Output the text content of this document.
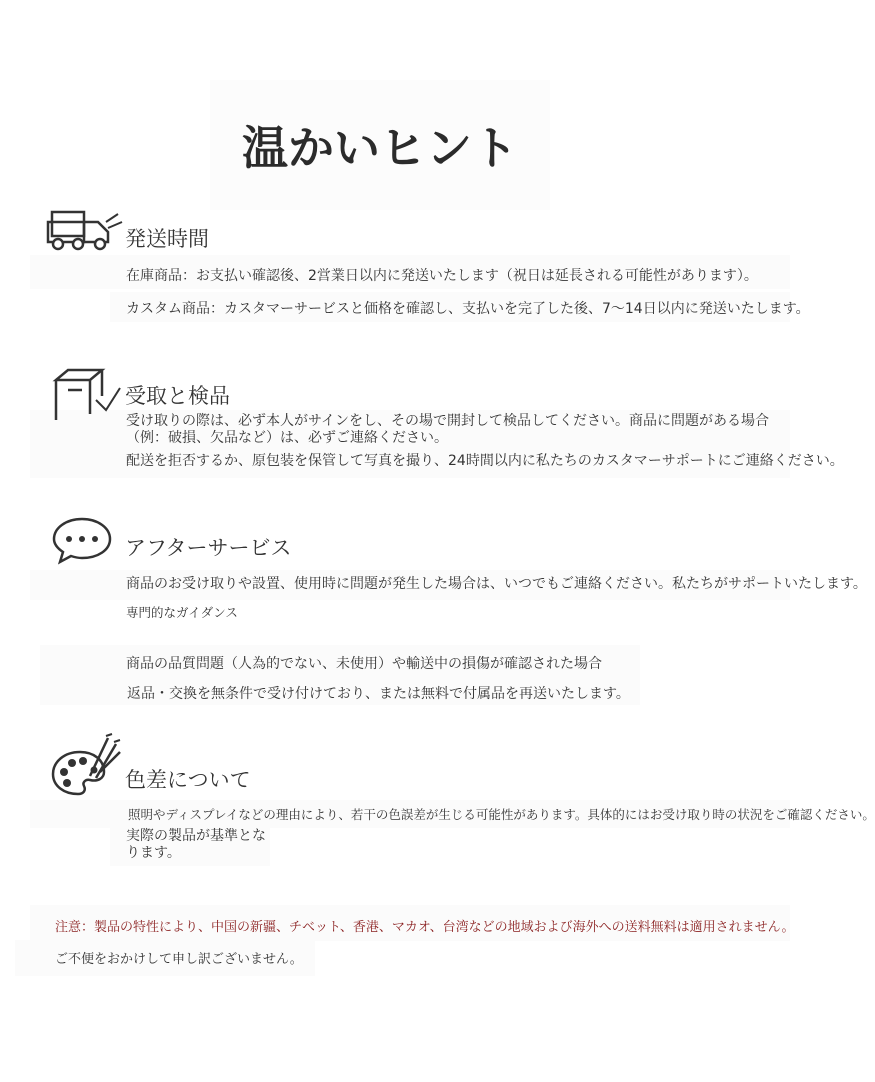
温かいヒント
発送時間

在庫商品：お支払い確認後、2営業日以内に発送いたします（祝日は延長される可能性があります）。

カスタム商品：カスタマーサービスと価格を確認し、支払いを完了した後、7〜14日以内に発送いたします。

受取と検品

受け取りの際は、必ず本人がサインをし、その場で開封して検品してください。商品に問題がある場合（例：破損、欠品など）は、必ずご連絡ください。

配送を拒否するか、原包装を保管して写真を撮り、24時間以内に私たちのカスタマーサポートにご連絡ください。

アフターサービス

商品のお受け取りや設置、使用時に問題が発生した場合は、いつでもご連絡ください。私たちがサポートいたします。

専門的なガイダンス

商品の品質問題（人為的でない、未使用）や輸送中の損傷が確認された場合

返品・交換を無条件で受け付けており、または無料で付属品を再送いたします。

色差について

照明やディスプレイなどの理由により、若干の色誤差が生じる可能性があります。具体的にはお受け取り時の状況をご確認ください。

実際の製品が基準となります。

注意：製品の特性により、中国の新疆、チベット、香港、マカオ、台湾などの地域および海外への送料無料は適用されません。

ご不便をおかけして申し訳ございません。
